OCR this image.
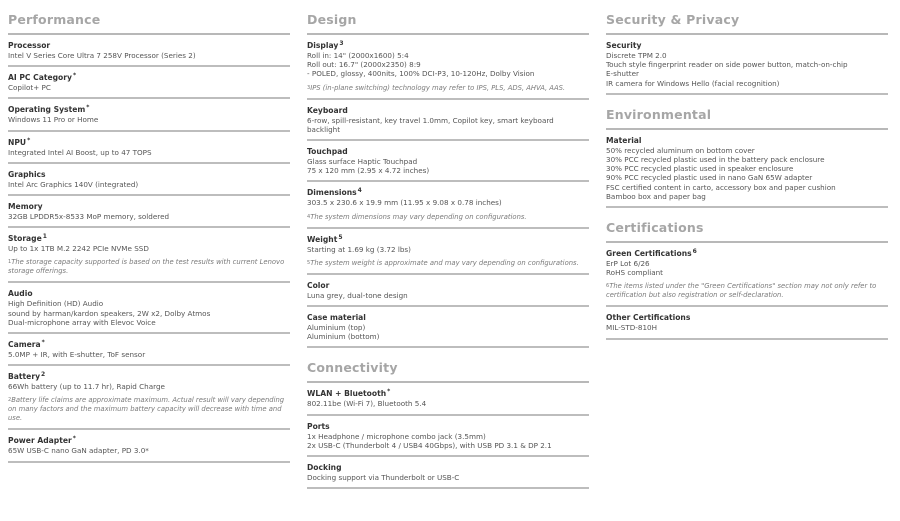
Performance
Processor
Intel V Series Core Ultra 7 258V Processor (Series 2)
AI PC Category*
Copilot+ PC
Operating System*
Windows 11 Pro or Home
NPU*
Integrated Intel AI Boost, up to 47 TOPS
Graphics
Intel Arc Graphics 140V (integrated)
Memory
32GB LPDDR5x-8533 MoP memory, soldered
Storage$^1$
Up to 1x 1TB M.2 2242 PCIe NVMe SSD
$^1$The storage capacity supported is based on the test results with current Lenovo storage offerings.
Audio
High Definition (HD) Audio
sound by harman/kardon speakers, 2W x2, Dolby Atmos
Dual-microphone array with Elevoc Voice
Camera*
5.0MP + IR, with E-shutter, ToF sensor
Battery$^2$
66Wh battery (up to 11.7 hr), Rapid Charge
$^2$Battery life claims are approximate maximum. Actual result will vary depending on many factors and the maximum battery capacity will decrease with time and use.
Power Adapter*
65W USB-C nano GaN adapter, PD 3.0*
Design
Display$^3$
Roll in: 14" (2000x1600) 5:4
Roll out: 16.7" (2000x2350) 8:9
- POLED, glossy, 400nits, 100% DCI-P3, 10-120Hz, Dolby Vision
$^3$IPS (in-plane switching) technology may refer to IPS, PLS, ADS, AHVA, AAS.
Keyboard
6-row, spill-resistant, key travel 1.0mm, Copilot key, smart keyboard
backlight
Touchpad
Glass surface Haptic Touchpad
75 x 120 mm (2.95 x 4.72 inches)
Dimensions$^4$
303.5 x 230.6 x 19.9 mm (11.95 x 9.08 x 0.78 inches)
$^4$The system dimensions may vary depending on configurations.
Weight$^5$
Starting at 1.69 kg (3.72 lbs)
$^5$The system weight is approximate and may vary depending on configurations.
Color
Luna grey, dual-tone design
Case material
Aluminium (top)
Aluminium (bottom)
Connectivity
WLAN + Bluetooth*
802.11be (Wi-Fi 7), Bluetooth 5.4
Ports
1x Headphone / microphone combo jack (3.5mm)
2x USB-C (Thunderbolt 4 / USB4 40Gbps), with USB PD 3.1 & DP 2.1
Docking
Docking support via Thunderbolt or USB-C
Security & Privacy
Security
Discrete TPM 2.0
Touch style fingerprint reader on side power button, match-on-chip
E-shutter
IR camera for Windows Hello (facial recognition)
Environmental
Material
50% recycled aluminum on bottom cover
30% PCC recycled plastic used in the battery pack enclosure
30% PCC recycled plastic used in speaker enclosure
90% PCC recycled plastic used in nano GaN 65W adapter
FSC certified content in carto, accessory box and paper cushion
Bamboo box and paper bag
Certifications
Green Certifications$^6$
ErP Lot 6/26
RoHS compliant
$^6$The items listed under the "Green Certifications" section may not only refer to certification but also registration or self-declaration.
Other Certifications
MIL-STD-810H
